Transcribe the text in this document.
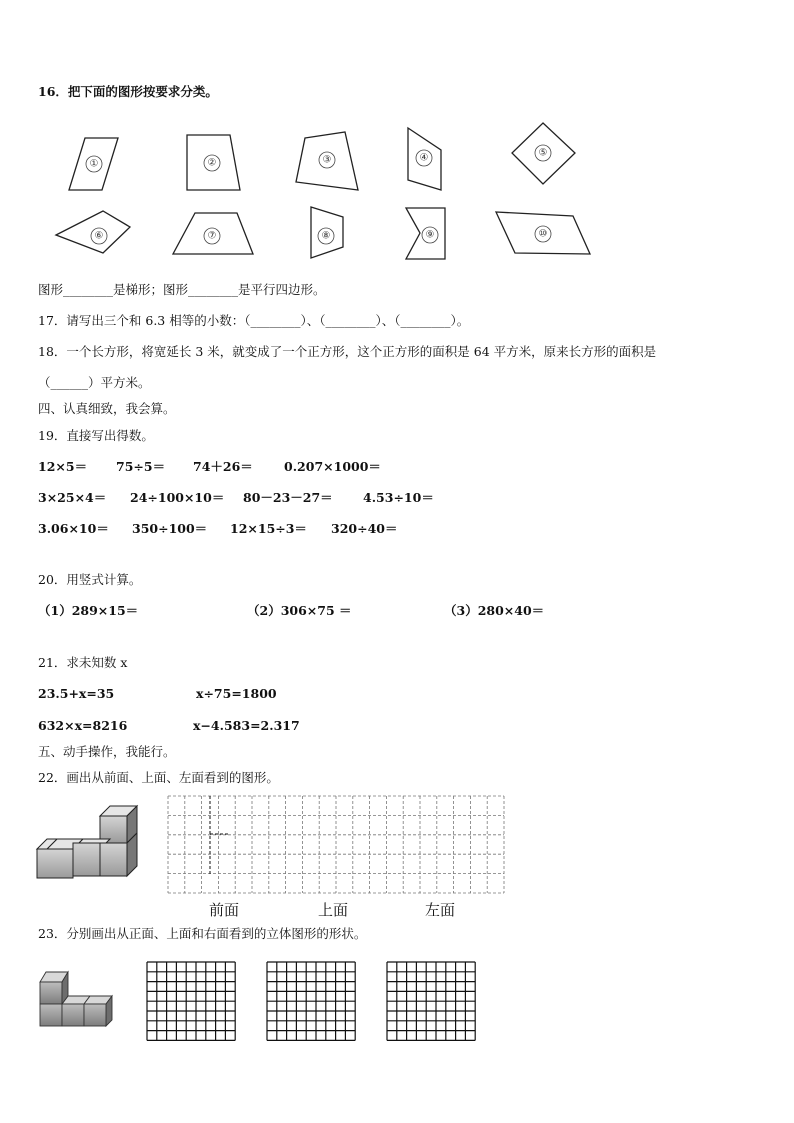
16．把下面的图形按要求分类。
①	②	③	④	⑤
⑥	⑦	⑧	⑨	⑩
图形________是梯形；图形________是平行四边形。
17．请写出三个和 6.3 相等的小数：（________）、（________）、（________）。
18．一个长方形，将宽延长 3 米，就变成了一个正方形，这个正方形的面积是 64 平方米，原来长方形的面积是
（______）平方米。
四、认真细致，我会算。
19．直接写出得数。
12×5＝ 75÷5＝ 74＋26＝ 0.207×1000＝
3×25×4＝ 24÷100×10＝ 80－23－27＝ 4.53÷10＝
3.06×10＝ 350÷100＝ 12×15÷3＝ 320÷40＝
20．用竖式计算。
（1）289×15＝	（2）306×75 ＝	（3）280×40＝
21．求未知数 x
23.5+x=35	x÷75=1800
632×x=8216	x−4.583=2.317
五、动手操作，我能行。
22．画出从前面、上面、左面看到的图形。
前面	上面	左面
23．分别画出从正面、上面和右面看到的立体图形的形状。
